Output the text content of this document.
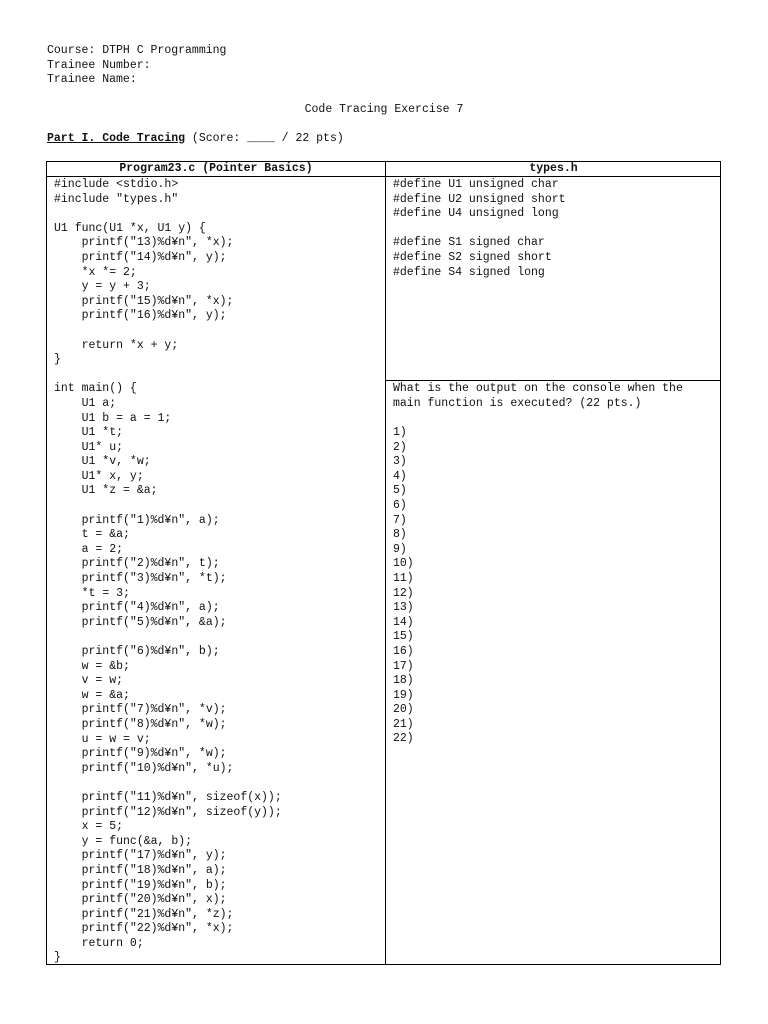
Course: DTPH C Programming
Trainee Number:
Trainee Name:
Code Tracing Exercise 7
Part I. Code Tracing (Score: ____ / 22 pts)
Program23.c (Pointer Basics)	types.h
#include <stdio.h>
#include "types.h"
U1 func(U1 *x, U1 y) {
printf("13)%d¥n", *x);
printf("14)%d¥n", y);
*x *= 2;
y = y + 3;
printf("15)%d¥n", *x);
printf("16)%d¥n", y);
return *x + y;
}
int main() {
U1 a;
U1 b = a = 1;
U1 *t;
U1* u;
U1 *v, *w;
U1* x, y;
U1 *z = &a;
printf("1)%d¥n", a);
t = &a;
a = 2;
printf("2)%d¥n", t);
printf("3)%d¥n", *t);
*t = 3;
printf("4)%d¥n", a);
printf("5)%d¥n", &a);
printf("6)%d¥n", b);
w = &b;
v = w;
w = &a;
printf("7)%d¥n", *v);
printf("8)%d¥n", *w);
u = w = v;
printf("9)%d¥n", *w);
printf("10)%d¥n", *u);
printf("11)%d¥n", sizeof(x));
printf("12)%d¥n", sizeof(y));
x = 5;
y = func(&a, b);
printf("17)%d¥n", y);
printf("18)%d¥n", a);
printf("19)%d¥n", b);
printf("20)%d¥n", x);
printf("21)%d¥n", *z);
printf("22)%d¥n", *x);
return 0;
}
#define U1 unsigned char
#define U2 unsigned short
#define U4 unsigned long
#define S1 signed char
#define S2 signed short
#define S4 signed long
What is the output on the console when the
main function is executed? (22 pts.)
1)
2)
3)
4)
5)
6)
7)
8)
9)
10)
11)
12)
13)
14)
15)
16)
17)
18)
19)
20)
21)
22)
